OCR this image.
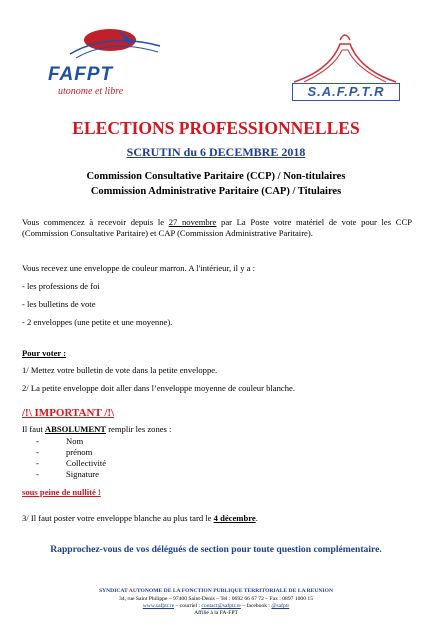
FAFPT
utonome et libre	S.A.F.P.T.R
ELECTIONS PROFESSIONNELLES
SCRUTIN du 6 DECEMBRE 2018
Commission Consultative Paritaire (CCP) / Non-titulaires
Commission Administrative Paritaire (CAP) / Titulaires
Vous commencez à recevoir depuis le 27 novembre par La Poste votre matériel de vote pour les CCP (Commission Consultative Paritaire) et CAP (Commission Administrative Paritaire).
Vous recevez une enveloppe de couleur marron. A l'intérieur, il y a :
- les professions de foi
- les bulletins de vote
- 2 enveloppes (une petite et une moyenne).
Pour voter :
1/ Mettez votre bulletin de vote dans la petite enveloppe.
2/ La petite enveloppe doit aller dans l’enveloppe moyenne de couleur blanche.
/!\ IMPORTANT /!\
Il faut ABSOLUMENT remplir les zones :
-	Nom
-	prénom
-	Collectivité
-	Signature
sous peine de nullité !
3/ Il faut poster votre enveloppe blanche au plus tard le 4 décembre.
Rapprochez-vous de vos délégués de section pour toute question complémentaire.
SYNDICAT AUTONOME DE LA FONCTION PUBLIQUE TERRITORIALE DE LA REUNION
34, rue Saint Philippe – 97400 Saint-Denis – Tel : 0692 66 67 72 – Fax : 0897 1000 15
www.safptr.re – courriel : contact@safptr.re – facebook : @safptr
Affilié à la FA-FPT
